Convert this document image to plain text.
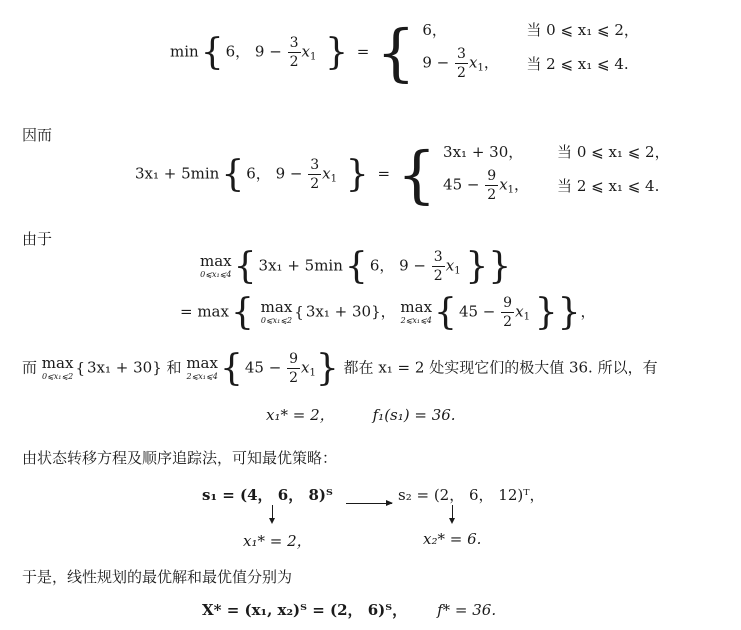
min{ 6， $9 - \frac{3}{2} x_1$ } = { 6，	当 0 ⩽ x₁ ⩽ 2，
$9 - \frac{3}{2} x_1$，	当 2 ⩽ x₁ ⩽ 4.
因而
3x₁ + 5min{ 6， $9 - \frac{3}{2} x_1$ } = { 3x₁ + 30，	当 0 ⩽ x₁ ⩽ 2，
$45 - \frac{9}{2} x_1$，	当 2 ⩽ x₁ ⩽ 4.
由于
max
0⩽x₁⩽4 { 3x₁ + 5min{ 6， $9 - \frac{3}{2} x_1$ }}
= max{ max
0⩽x₁⩽2 { 3x₁ + 30}， max
2⩽x₁⩽4 { $45 - \frac{9}{2} x_1$ }}，
而 max
0⩽x₁⩽2 { 3x₁ + 30} 和 max
2⩽x₁⩽4 { $45 - \frac{9}{2} x_1$} 都在 x₁ = 2 处实现它们的极大值 36. 所以，有
x₁* = 2，	f₁(s₁) = 36.
由状态转移方程及顺序追踪法，可知最优策略：
s₁ = (4， 6， 8)ᵀ	s₂ = (2， 6， 12)ᵀ，
x₁* = 2，	x₂* = 6.
于是，线性规划的最优解和最优值分别为
X* = (x₁, x₂)ᵀ = (2， 6)ᵀ， f* = 36.
